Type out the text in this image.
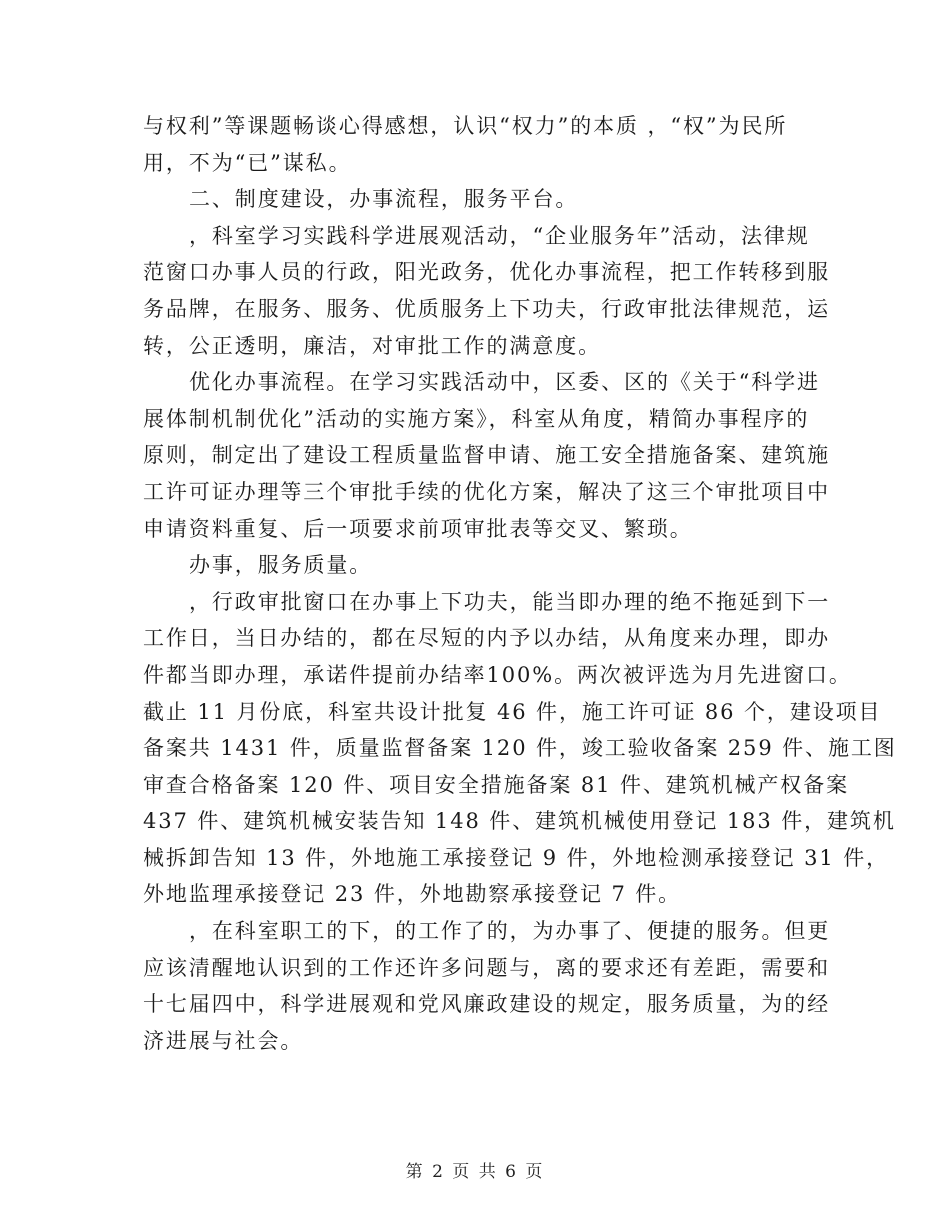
与权利”等课题畅谈心得感想，认识“权力”的本质 ，“权”为民所
用，不为“已”谋私。
二、制度建设，办事流程，服务平台。
，科室学习实践科学进展观活动，“企业服务年”活动，法律规
范窗口办事人员的行政，阳光政务，优化办事流程，把工作转移到服
务品牌，在服务、服务、优质服务上下功夫，行政审批法律规范，运
转，公正透明，廉洁，对审批工作的满意度。
优化办事流程。在学习实践活动中，区委、区的《关于“科学进
展体制机制优化”活动的实施方案》，科室从角度，精简办事程序的
原则，制定出了建设工程质量监督申请、施工安全措施备案、建筑施
工许可证办理等三个审批手续的优化方案，解决了这三个审批项目中
申请资料重复、后一项要求前项审批表等交叉、繁琐。
办事，服务质量。
，行政审批窗口在办事上下功夫，能当即办理的绝不拖延到下一
工作日，当日办结的，都在尽短的内予以办结，从角度来办理，即办
件都当即办理，承诺件提前办结率100%。两次被评选为月先进窗口。
截止 11 月份底，科室共设计批复 46 件，施工许可证 86 个，建设项目
备案共 1431 件，质量监督备案 120 件，竣工验收备案 259 件、施工图
审查合格备案 120 件、项目安全措施备案 81 件、建筑机械产权备案
437 件、建筑机械安装告知 148 件、建筑机械使用登记 183 件，建筑机
械拆卸告知 13 件，外地施工承接登记 9 件，外地检测承接登记 31 件，
外地监理承接登记 23 件，外地勘察承接登记 7 件。
，在科室职工的下，的工作了的，为办事了、便捷的服务。但更
应该清醒地认识到的工作还许多问题与，离的要求还有差距，需要和
十七届四中，科学进展观和党风廉政建设的规定，服务质量，为的经
济进展与社会。
第 2 页 共 6 页
